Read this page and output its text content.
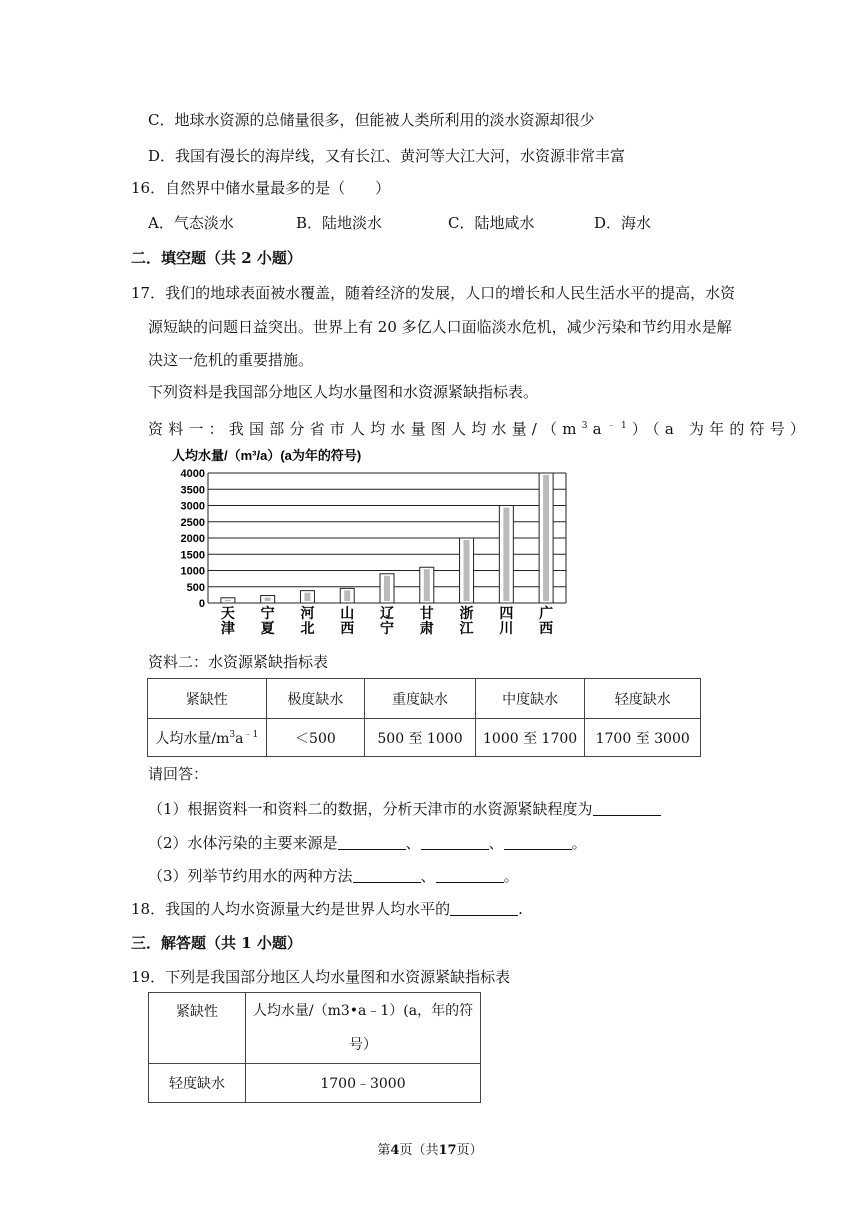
C．地球水资源的总储量很多，但能被人类所利用的淡水资源却很少
D．我国有漫长的海岸线，又有长江、黄河等大江大河，水资源非常丰富
16．自然界中储水量最多的是（　　）
A．气态淡水	B．陆地淡水	C．陆地咸水	D．海水
二．填空题（共 2 小题）
17．我们的地球表面被水覆盖，随着经济的发展，人口的增长和人民生活水平的提高，水资
源短缺的问题日益突出。世界上有 20 多亿人口面临淡水危机，减少污染和节约用水是解
决这一危机的重要措施。
下列资料是我国部分地区人均水量图和水资源紧缺指标表。
资料一：我国部分省市人均水量图人均水量$/(m^3a^{﹣1})(a$ 为年的符号）
人均水量/（m³/a）(a为年的符号)
0
500
1000
1500
2000
2500
3000
3500
4000
天
津
宁
夏
河
北
山
西
辽
宁
甘
肃
浙
江
四
川
广
西
资料二：水资源紧缺指标表
紧缺性	极度缺水	重度缺水	中度缺水	轻度缺水
人均水量$/m^3a^{﹣1}$	＜500	500 至 1000	1000 至 1700	1700 至 3000
请回答：
（1）根据资料一和资料二的数据，分析天津市的水资源紧缺程度为
（2）水体污染的主要来源是	、	、	。
（3）列举节约用水的两种方法	、	。
18．我国的人均水资源量大约是世界人均水平的	.
三．解答题（共 1 小题）
19．下列是我国部分地区人均水量图和水资源紧缺指标表
紧缺性	人均水量/（m3•a﹣1）(a，年的符
号）

轻度缺水	1700﹣3000
第4页（共17页）
